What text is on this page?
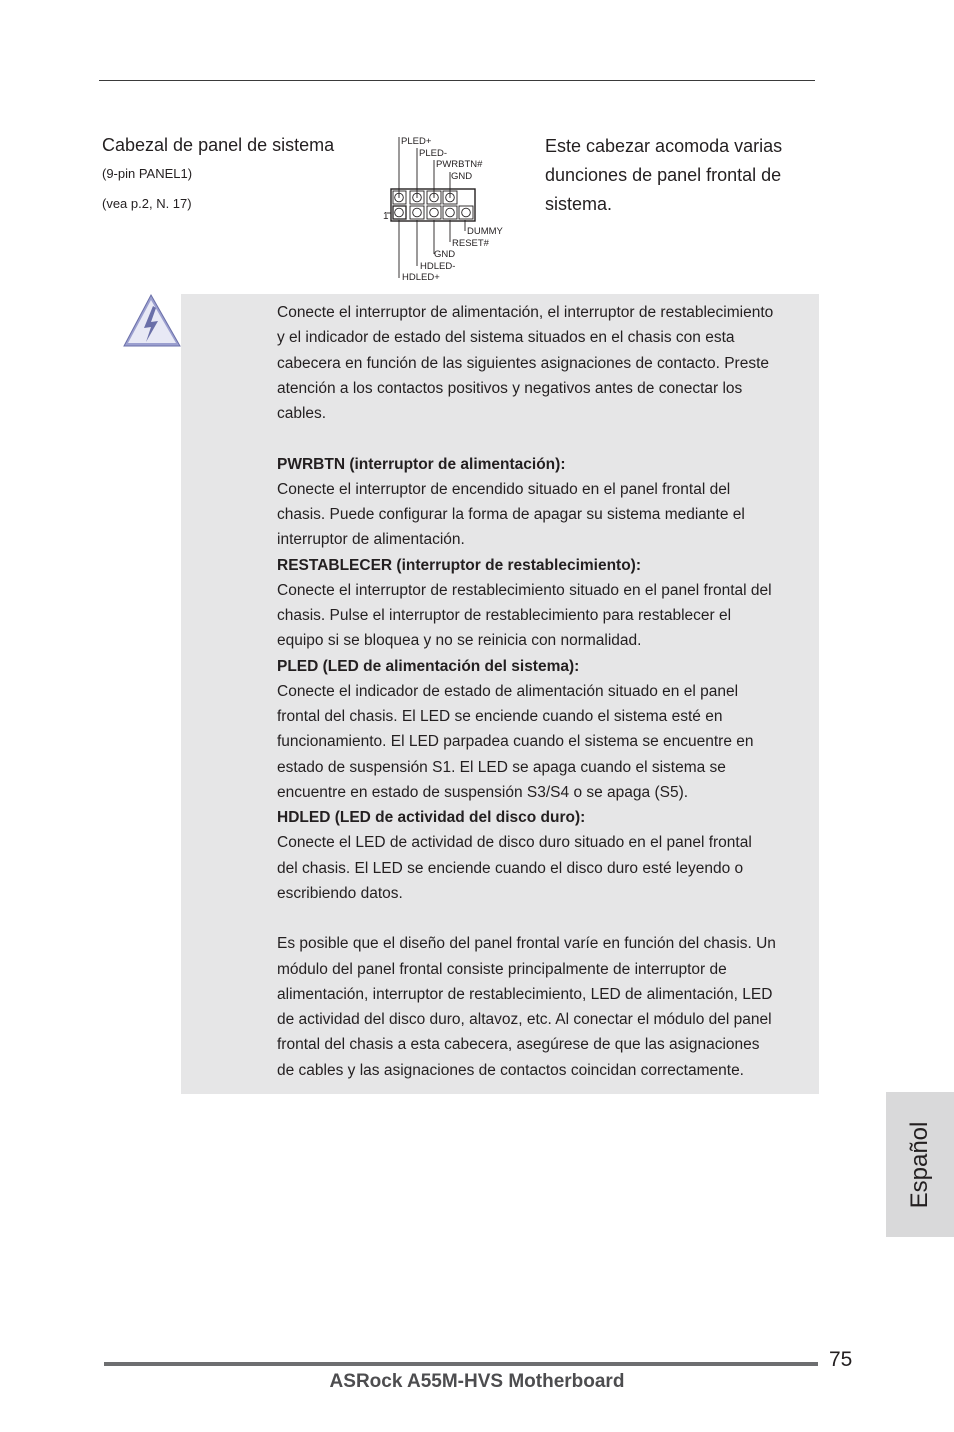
Cabezal de panel de sistema
(9-pin PANEL1)
(vea p.2, N. 17)
PLED+
PLED-
PWRBTN#
GND
DUMMY
RESET#
GND
HDLED-
HDLED+
1
Este cabezar acomoda varias
dunciones de panel frontal de
sistema.
Conecte el interruptor de alimentación, el interruptor de restablecimiento
y el indicador de estado del sistema situados en el chasis con esta
cabecera en función de las siguientes asignaciones de contacto. Preste
atención a los contactos positivos y negativos antes de conectar los
cables.
PWRBTN (interruptor de alimentación):
Conecte el interruptor de encendido situado en el panel frontal del
chasis. Puede configurar la forma de apagar su sistema mediante el
interruptor de alimentación.
RESTABLECER (interruptor de restablecimiento):
Conecte el interruptor de restablecimiento situado en el panel frontal del
chasis. Pulse el interruptor de restablecimiento para restablecer el
equipo si se bloquea y no se reinicia con normalidad.
PLED (LED de alimentación del sistema):
Conecte el indicador de estado de alimentación situado en el panel
frontal del chasis. El LED se enciende cuando el sistema esté en
funcionamiento. El LED parpadea cuando el sistema se encuentre en
estado de suspensión S1. El LED se apaga cuando el sistema se
encuentre en estado de suspensión S3/S4 o se apaga (S5).
HDLED (LED de actividad del disco duro):
Conecte el LED de actividad de disco duro situado en el panel frontal
del chasis. El LED se enciende cuando el disco duro esté leyendo o
escribiendo datos.
Es posible que el diseño del panel frontal varíe en función del chasis. Un
módulo del panel frontal consiste principalmente de interruptor de
alimentación, interruptor de restablecimiento, LED de alimentación, LED
de actividad del disco duro, altavoz, etc. Al conectar el módulo del panel
frontal del chasis a esta cabecera, asegúrese de que las asignaciones
de cables y las asignaciones de contactos coincidan correctamente.
Español
75
ASRock A55M-HVS Motherboard
